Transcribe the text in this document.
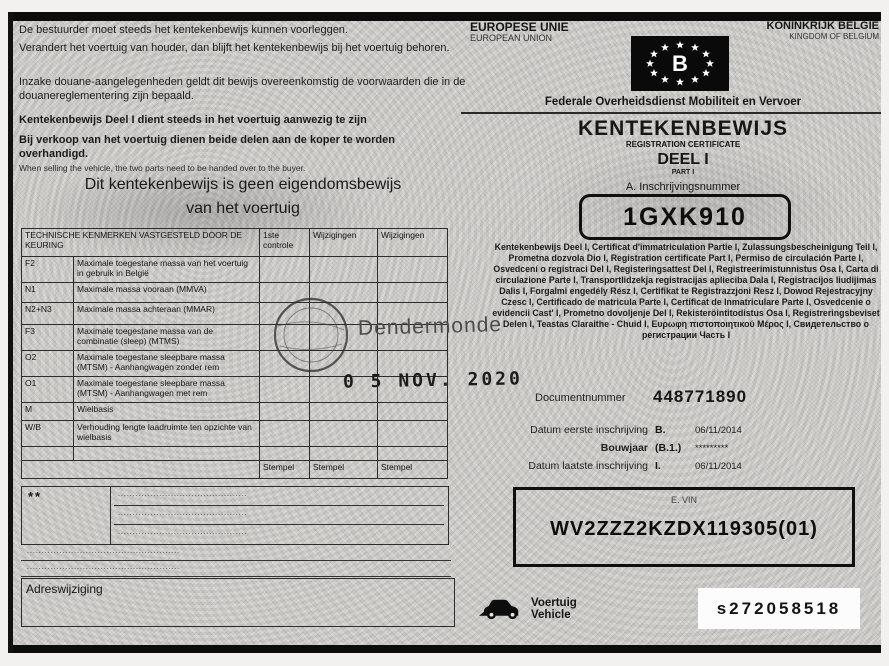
De bestuurder moet steeds het kentekenbewijs kunnen voorleggen.
Verandert het voertuig van houder, dan blijft het kentekenbewijs bij het voertuig behoren.
Inzake douane-aangelegenheden geldt dit bewijs overeenkomstig de voorwaarden die in de douanereglementering zijn bepaald.
Kentekenbewijs Deel I dient steeds in het voertuig aanwezig te zijn
Bij verkoop van het voertuig dienen beide delen aan de koper te worden overhandigd.
When selling the vehicle, the two parts need to be handed over to the buyer.
Dit kentekenbewijs is geen eigendomsbewijs
van het voertuig
TECHNISCHE KENMERKEN VASTGESTELD DOOR DE KEURING		1ste controle	Wijzigingen	Wijzigingen
F2	Maximale toegestane massa van het voertuig in gebruik in België			
N1	Maximale massa vooraan (MMVA)			
N2+N3	Maximale massa achteraan (MMAR)			
F3	Maximale toegestane massa van de combinatie (sleep) (MTMS)			
O2	Maximale toegestane sleepbare massa (MTSM) - Aanhangwagen zonder rem			
O1	Maximale toegestane sleepbare massa (MTSM) - Aanhangwagen met rem			
M	Wielbasis			
W/B	Verhouding lengte laadruimte ten opzichte van wielbasis			

		Stempel	Stempel	Stempel
**	............................................
............................................
............................................
....................................................
....................................................
Adreswijziging
Dendermonde
0 5 NOV. 2020
EUROPESE UNIE
EUROPEAN UNION
KONINKRIJK BELGIË
KINGDOM OF BELGIUM
B
Federale Overheidsdienst Mobiliteit en Vervoer
KENTEKENBEWIJS
REGISTRATION CERTIFICATE
DEEL I
PART I
A. Inschrijvingsnummer
1GXK910
Kentekenbewijs Deel I, Certificat d'immatriculation Partie I, Zulassungsbescheinigung Teil I, Prometna dozvola Dio I, Registration certificate Part I, Permiso de circulación Parte I, Osvedcení o registraci Del I, Registeringsattest Del I, Registreerimistunnistus Osa I, Carta di circulazione Parte I, Transportlidzekja registracijas aplieciba Dala I, Registracijos liudijimas Dalis I, Forgalmi engedély Rész I, Certifikat te Registrazzjoni Resz I, Dowod Rejestracyjny Czesc I, Certificado de matricula Parte I, Certificat de Inmatriculare Parte I, Osvedcenie o evidencii Cast' I, Prometno dovoljenje Del I, Rekisteröintitodistus Osa I, Registreringsbeviset Delen I, Teastas Claraithe - Chuid I, Ευρωφη πιστοποιητικού Μέρος I, Свидетельство о регистрации Часть I
Documentnummer 448771890
Datum eerste inschrijving B.	06/11/2014
Bouwjaar (B.1.)	*********
Datum laatste inschrijving I.	06/11/2014
E. VIN
WV2ZZZ2KZDX119305(01)
Voertuig
Vehicle	s272058518
